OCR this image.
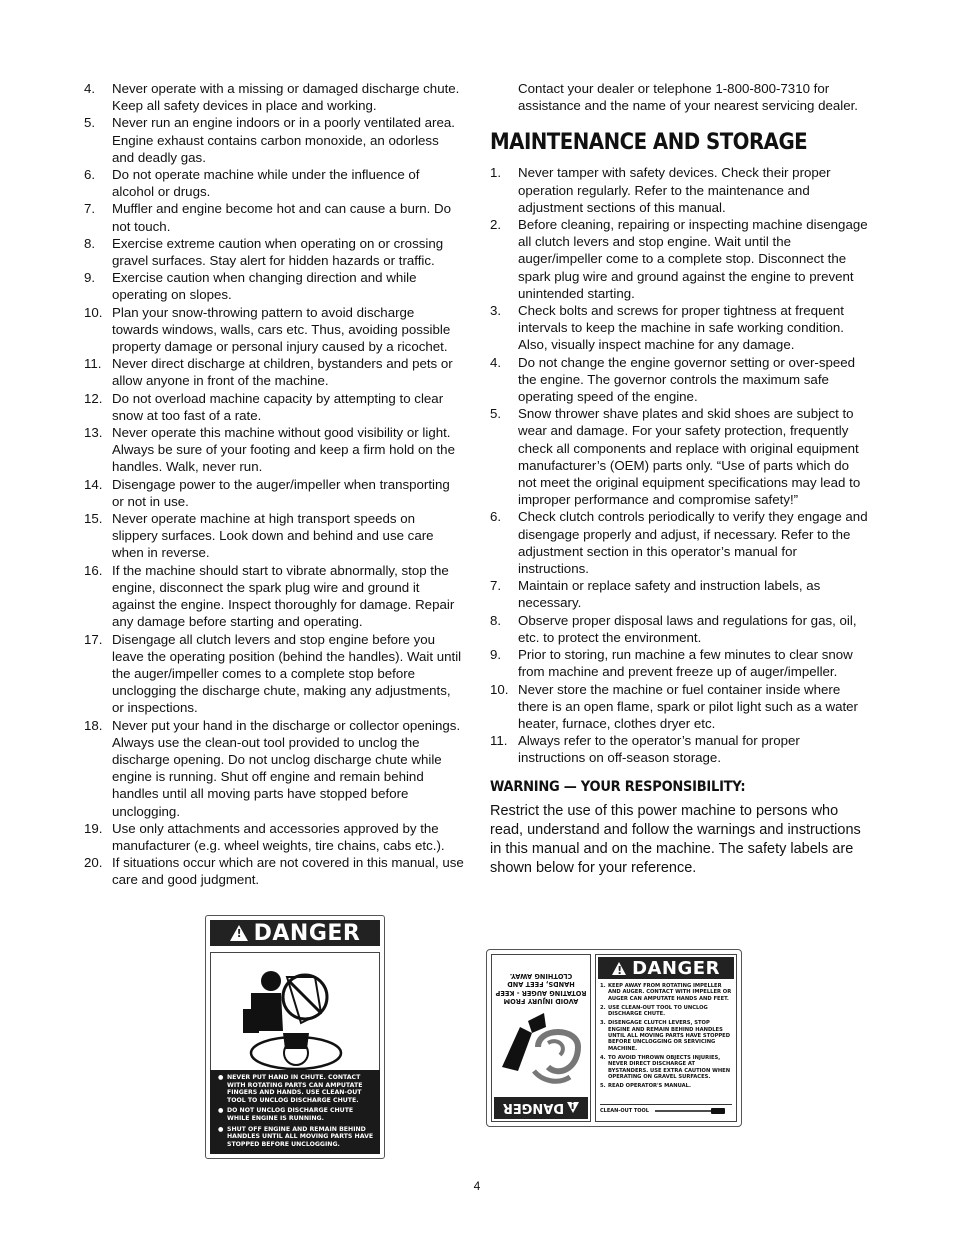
4.	Never operate with a missing or damaged discharge chute. Keep all safety devices in place and working.
5.	Never run an engine indoors or in a poorly ventilated area. Engine exhaust contains carbon monoxide, an odorless and deadly gas.
6.	Do not operate machine while under the influence of alcohol or drugs.
7.	Muffler and engine become hot and can cause a burn. Do not touch.
8.	Exercise extreme caution when operating on or crossing gravel surfaces. Stay alert for hidden hazards or traffic.
9.	Exercise caution when changing direction and while operating on slopes.
10. Plan your snow-throwing pattern to avoid discharge towards windows, walls, cars etc. Thus, avoiding possible property damage or personal injury caused by a ricochet.
11. Never direct discharge at children, bystanders and pets or allow anyone in front of the machine.
12. Do not overload machine capacity by attempting to clear snow at too fast of a rate.
13. Never operate this machine without good visibility or light. Always be sure of your footing and keep a firm hold on the handles. Walk, never run.
14. Disengage power to the auger/impeller when transporting or not in use.
15. Never operate machine at high transport speeds on slippery surfaces. Look down and behind and use care when in reverse.
16. If the machine should start to vibrate abnormally, stop the engine, disconnect the spark plug wire and ground it against the engine. Inspect thoroughly for damage. Repair any damage before starting and operating.
17. Disengage all clutch levers and stop engine before you leave the operating position (behind the handles). Wait until the auger/impeller comes to a complete stop before unclogging the discharge chute, making any adjustments, or inspections.
18. Never put your hand in the discharge or collector openings. Always use the clean-out tool provided to unclog the discharge opening. Do not unclog discharge chute while engine is running. Shut off engine and remain behind handles until all moving parts have stopped before unclogging.
19. Use only attachments and accessories approved by the manufacturer (e.g. wheel weights, tire chains, cabs etc.).
20. If situations occur which are not covered in this manual, use care and good judgment.
Contact your dealer or telephone 1-800-800-7310 for assistance and the name of your nearest servicing dealer.
MAINTENANCE AND STORAGE
1.	Never tamper with safety devices. Check their proper operation regularly. Refer to the maintenance and adjustment sections of this manual.
2.	Before cleaning, repairing or inspecting machine disengage all clutch levers and stop engine. Wait until the auger/impeller come to a complete stop. Disconnect the spark plug wire and ground against the engine to prevent unintended starting.
3.	Check bolts and screws for proper tightness at frequent intervals to keep the machine in safe working condition. Also, visually inspect machine for any damage.
4.	Do not change the engine governor setting or over-speed the engine. The governor controls the maximum safe operating speed of the engine.
5.	Snow thrower shave plates and skid shoes are subject to wear and damage. For your safety protection, frequently check all components and replace with original equipment manufacturer’s (OEM) parts only. “Use of parts which do not meet the original equipment specifications may lead to improper performance and compromise safety!”
6.	Check clutch controls periodically to verify they engage and disengage properly and adjust, if necessary. Refer to the adjustment section in this operator’s manual for instructions.
7.	Maintain or replace safety and instruction labels, as necessary.
8.	Observe proper disposal laws and regulations for gas, oil, etc. to protect the environment.
9.	Prior to storing, run machine a few minutes to clear snow from machine and prevent freeze up of auger/impeller.
10. Never store the machine or fuel container inside where there is an open flame, spark or pilot light such as a water heater, furnace, clothes dryer etc.
11. Always refer to the operator’s manual for proper instructions on off-season storage.
WARNING — YOUR RESPONSIBILITY:
Restrict the use of this power machine to persons who read, understand and follow the warnings and instructions in this manual and on the machine. The safety labels are shown below for your reference.
!
DANGER
● NEVER PUT HAND IN CHUTE. CONTACT WITH ROTATING PARTS CAN AMPUTATE FINGERS AND HANDS. USE CLEAN-OUT TOOL TO UNCLOG DISCHARGE CHUTE.
● DO NOT UNCLOG DISCHARGE CHUTE WHILE ENGINE IS RUNNING.
● SHUT OFF ENGINE AND REMAIN BEHIND HANDLES UNTIL ALL MOVING PARTS HAVE STOPPED BEFORE UNCLOGGING.
AVOID INJURY FROM ROTATING AUGER - KEEP HANDS, FEET AND CLOTHING AWAY.
!
DANGER
!
DANGER
1. KEEP AWAY FROM ROTATING IMPELLER AND AUGER. CONTACT WITH IMPELLER OR AUGER CAN AMPUTATE HANDS AND FEET.
2. USE CLEAN-OUT TOOL TO UNCLOG DISCHARGE CHUTE.
3. DISENGAGE CLUTCH LEVERS, STOP ENGINE AND REMAIN BEHIND HANDLES UNTIL ALL MOVING PARTS HAVE STOPPED BEFORE UNCLOGGING OR SERVICING MACHINE.
4. TO AVOID THROWN OBJECTS INJURIES, NEVER DIRECT DISCHARGE AT BYSTANDERS. USE EXTRA CAUTION WHEN OPERATING ON GRAVEL SURFACES.
5. READ OPERATOR'S MANUAL.
CLEAN-OUT TOOL
4
